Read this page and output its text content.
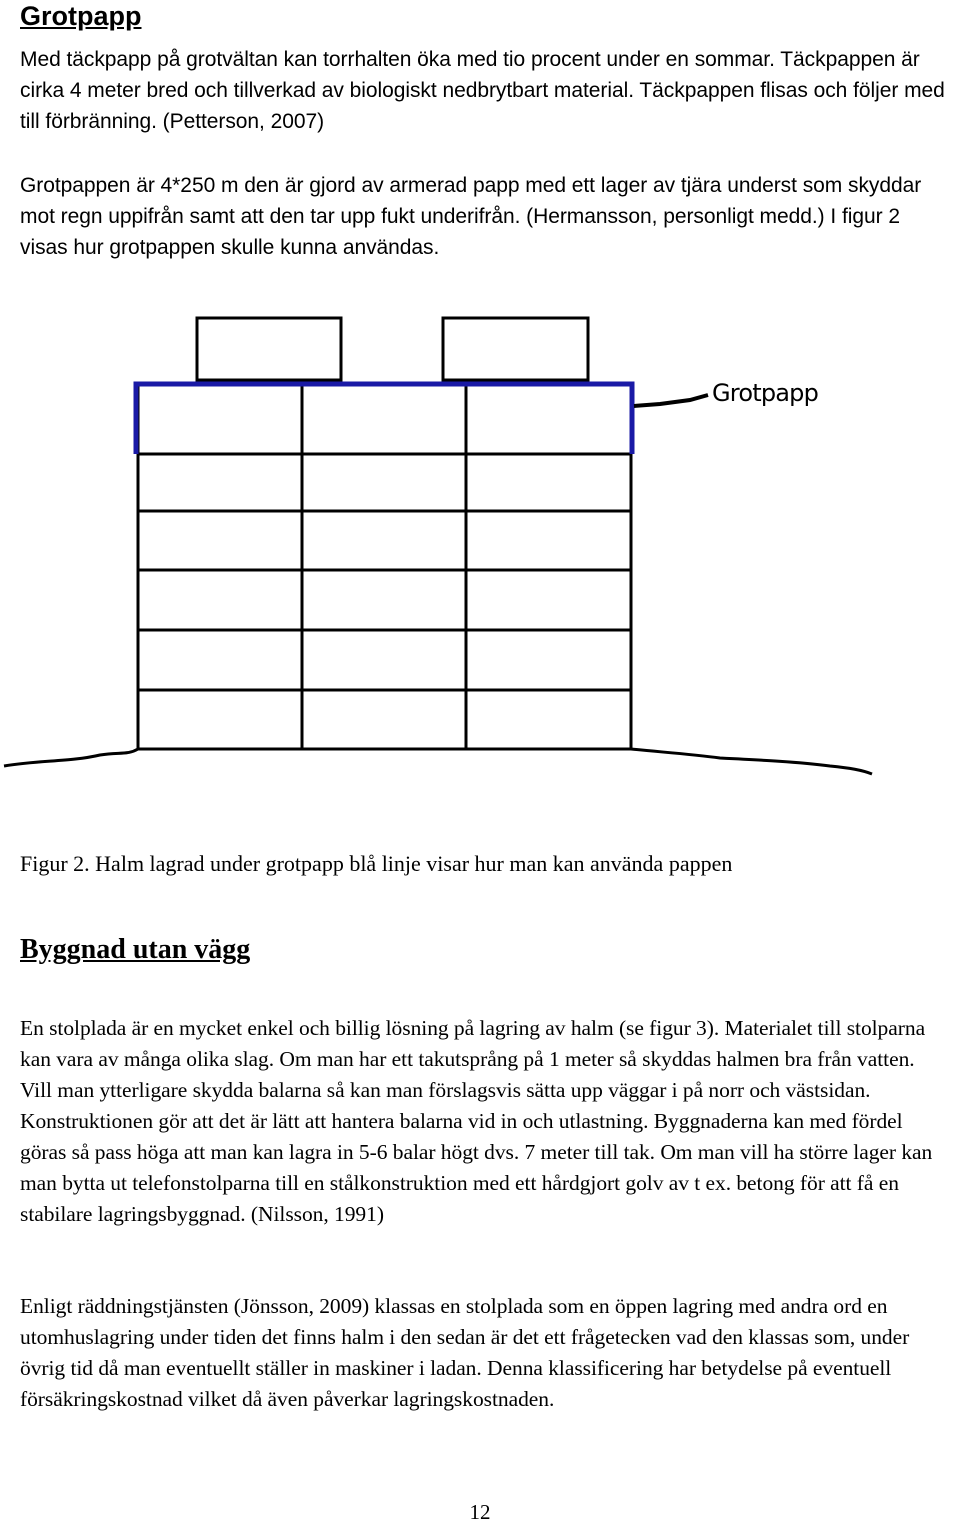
Grotpapp

Med täckpapp på grotvältan kan torrhalten öka med tio procent under en sommar. Täckpappen är cirka 4 meter bred och tillverkad av biologiskt nedbrytbart material. Täckpappen flisas och följer med till förbränning. (Petterson, 2007)

Grotpappen är 4*250 m den är gjord av armerad papp med ett lager av tjära underst som skyddar mot regn uppifrån samt att den tar upp fukt underifrån. (Hermansson, personligt medd.) I figur 2 visas hur grotpappen skulle kunna användas.

Grotpapp

Figur 2. Halm lagrad under grotpapp blå linje visar hur man kan använda pappen

Byggnad utan vägg

En stolplada är en mycket enkel och billig lösning på lagring av halm (se figur 3). Materialet till stolparna kan vara av många olika slag. Om man har ett takutsprång på 1 meter så skyddas halmen bra från vatten. Vill man ytterligare skydda balarna så kan man förslagsvis sätta upp väggar i på norr och västsidan. Konstruktionen gör att det är lätt att hantera balarna vid in och utlastning. Byggnaderna kan med fördel göras så pass höga att man kan lagra in 5-6 balar högt dvs. 7 meter till tak. Om man vill ha större lager kan man bytta ut telefonstolparna till en stålkonstruktion med ett hårdgjort golv av t ex. betong för att få en stabilare lagringsbyggnad. (Nilsson, 1991)

Enligt räddningstjänsten (Jönsson, 2009) klassas en stolplada som en öppen lagring med andra ord en utomhuslagring under tiden det finns halm i den sedan är det ett frågetecken vad den klassas som, under övrig tid då man eventuellt ställer in maskiner i ladan. Denna klassificering har betydelse på eventuell försäkringskostnad vilket då även påverkar lagringskostnaden.

12
